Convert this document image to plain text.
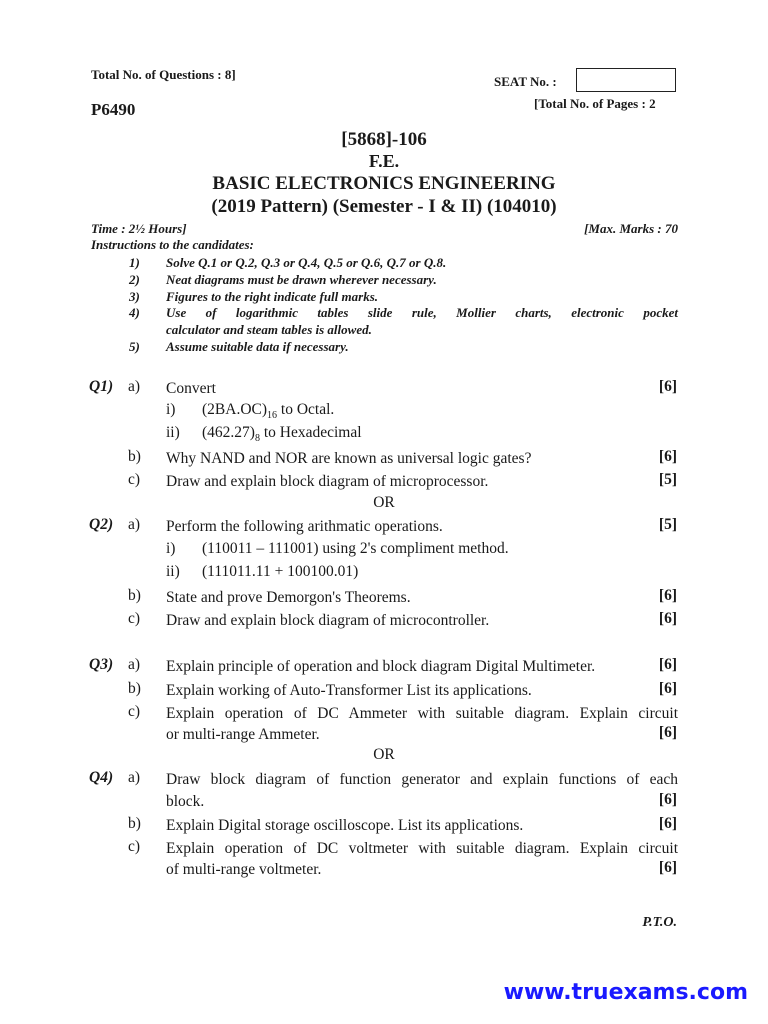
Total No. of Questions : 8]	SEAT No. :
P6490	[Total No. of Pages : 2
[5868]-106
F.E.
BASIC ELECTRONICS ENGINEERING
(2019 Pattern) (Semester - I & II) (104010)
Time : 2½ Hours]	[Max. Marks : 70
Instructions to the candidates:
1) Solve Q.1 or Q.2, Q.3 or Q.4, Q.5 or Q.6, Q.7 or Q.8.
2) Neat diagrams must be drawn wherever necessary.
3) Figures to the right indicate full marks.
4) Use of logarithmic tables slide rule, Mollier charts, electronic pocket
calculator and steam tables is allowed.
5) Assume suitable data if necessary.
Q1) a) Convert	[6]
i) $(2BA.OC)_{16}$ to Octal.
ii) $(462.27)_8$ to Hexadecimal
b) Why NAND and NOR are known as universal logic gates?	[6]
c) Draw and explain block diagram of microprocessor.	[5]
OR
Q2) a) Perform the following arithmatic operations.	[5]
i) (110011 – 111001) using 2's compliment method.
ii) (111011.11 + 100100.01)
b) State and prove Demorgon's Theorems.	[6]
c) Draw and explain block diagram of microcontroller.	[6]
Q3) a) Explain principle of operation and block diagram Digital Multimeter.	[6]
b) Explain working of Auto-Transformer List its applications.	[6]
c) Explain operation of DC Ammeter with suitable diagram. Explain circuit
or multi-range Ammeter.	[6]
OR
Q4) a) Draw block diagram of function generator and explain functions of each
block.	[6]
b) Explain Digital storage oscilloscope. List its applications.	[6]
c) Explain operation of DC voltmeter with suitable diagram. Explain circuit
of multi-range voltmeter.	[6]
P.T.O.
www.truexams.com
